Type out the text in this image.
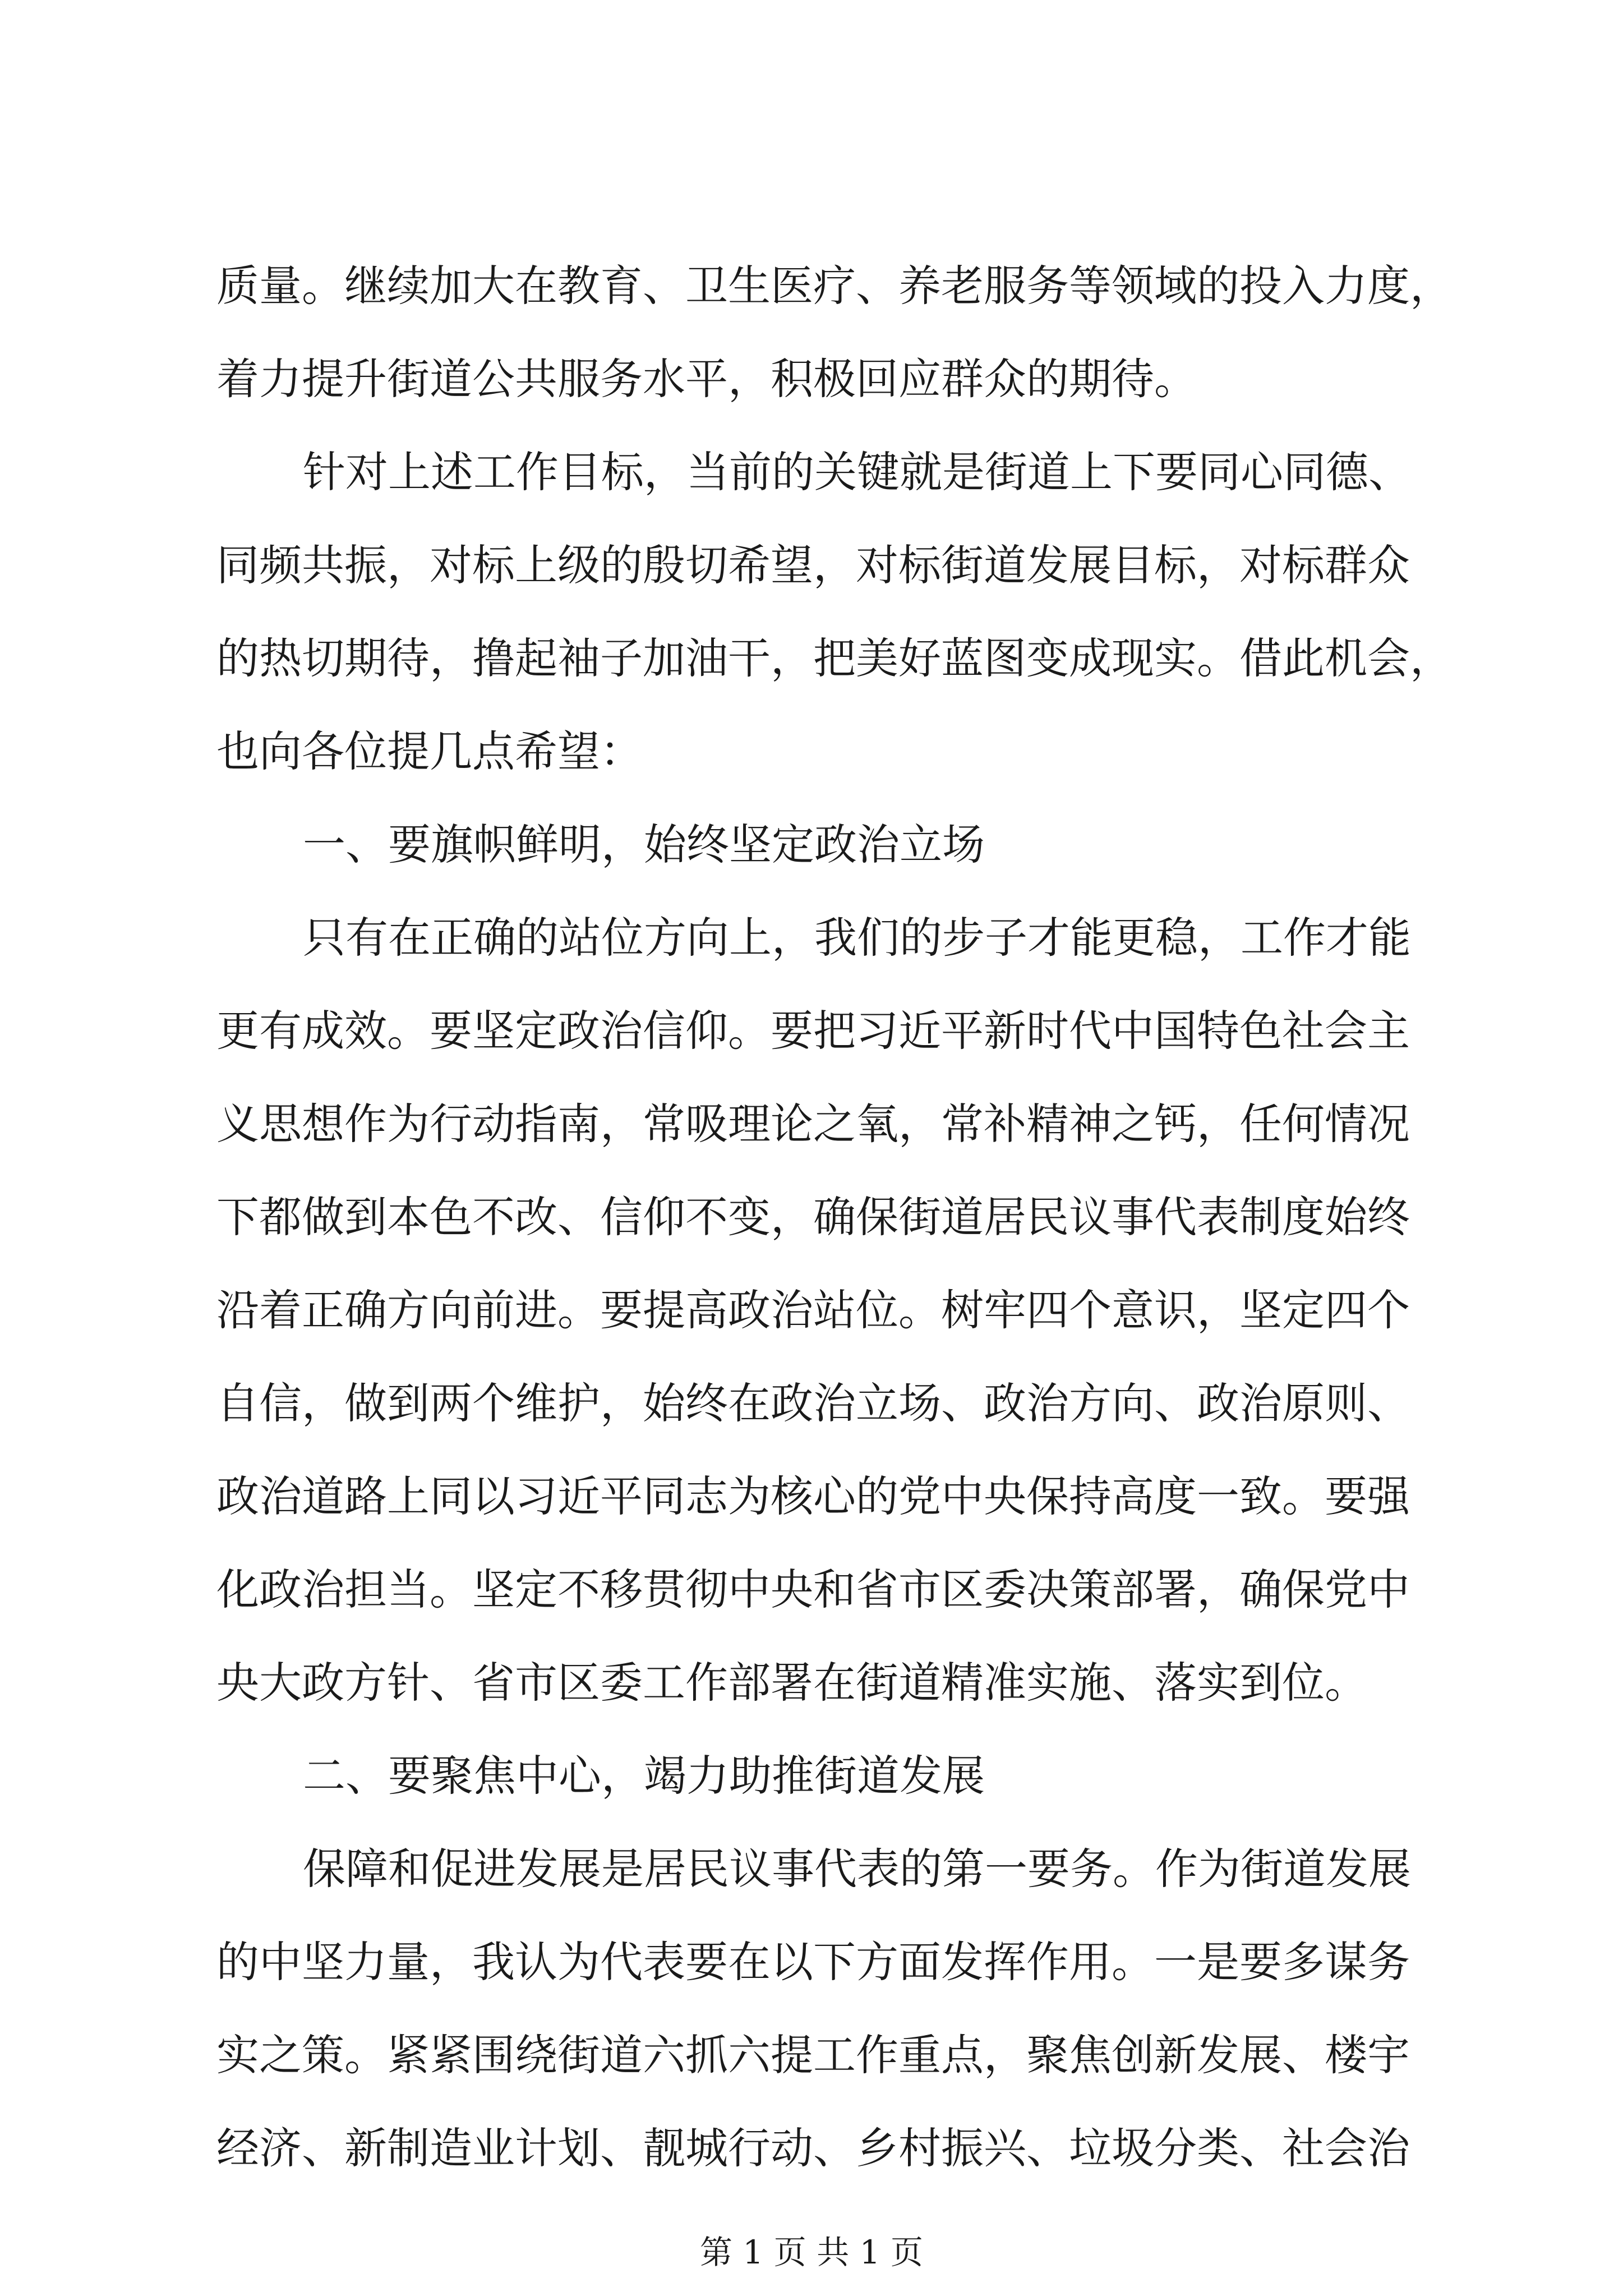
质量。继续加大在教育、卫生医疗、养老服务等领域的投入力度，
着力提升街道公共服务水平，积极回应群众的期待。
针对上述工作目标，当前的关键就是街道上下要同心同德、
同频共振，对标上级的殷切希望，对标街道发展目标，对标群众
的热切期待，撸起袖子加油干，把美好蓝图变成现实。借此机会，
也向各位提几点希望：
一、要旗帜鲜明，始终坚定政治立场
只有在正确的站位方向上，我们的步子才能更稳，工作才能
更有成效。要坚定政治信仰。要把习近平新时代中国特色社会主
义思想作为行动指南，常吸理论之氧，常补精神之钙，任何情况
下都做到本色不改、信仰不变，确保街道居民议事代表制度始终
沿着正确方向前进。要提高政治站位。树牢四个意识，坚定四个
自信，做到两个维护，始终在政治立场、政治方向、政治原则、
政治道路上同以习近平同志为核心的党中央保持高度一致。要强
化政治担当。坚定不移贯彻中央和省市区委决策部署，确保党中
央大政方针、省市区委工作部署在街道精准实施、落实到位。
二、要聚焦中心，竭力助推街道发展
保障和促进发展是居民议事代表的第一要务。作为街道发展
的中坚力量，我认为代表要在以下方面发挥作用。一是要多谋务
实之策。紧紧围绕街道六抓六提工作重点，聚焦创新发展、楼宇
经济、新制造业计划、靓城行动、乡村振兴、垃圾分类、社会治
第 1 页 共 1 页
